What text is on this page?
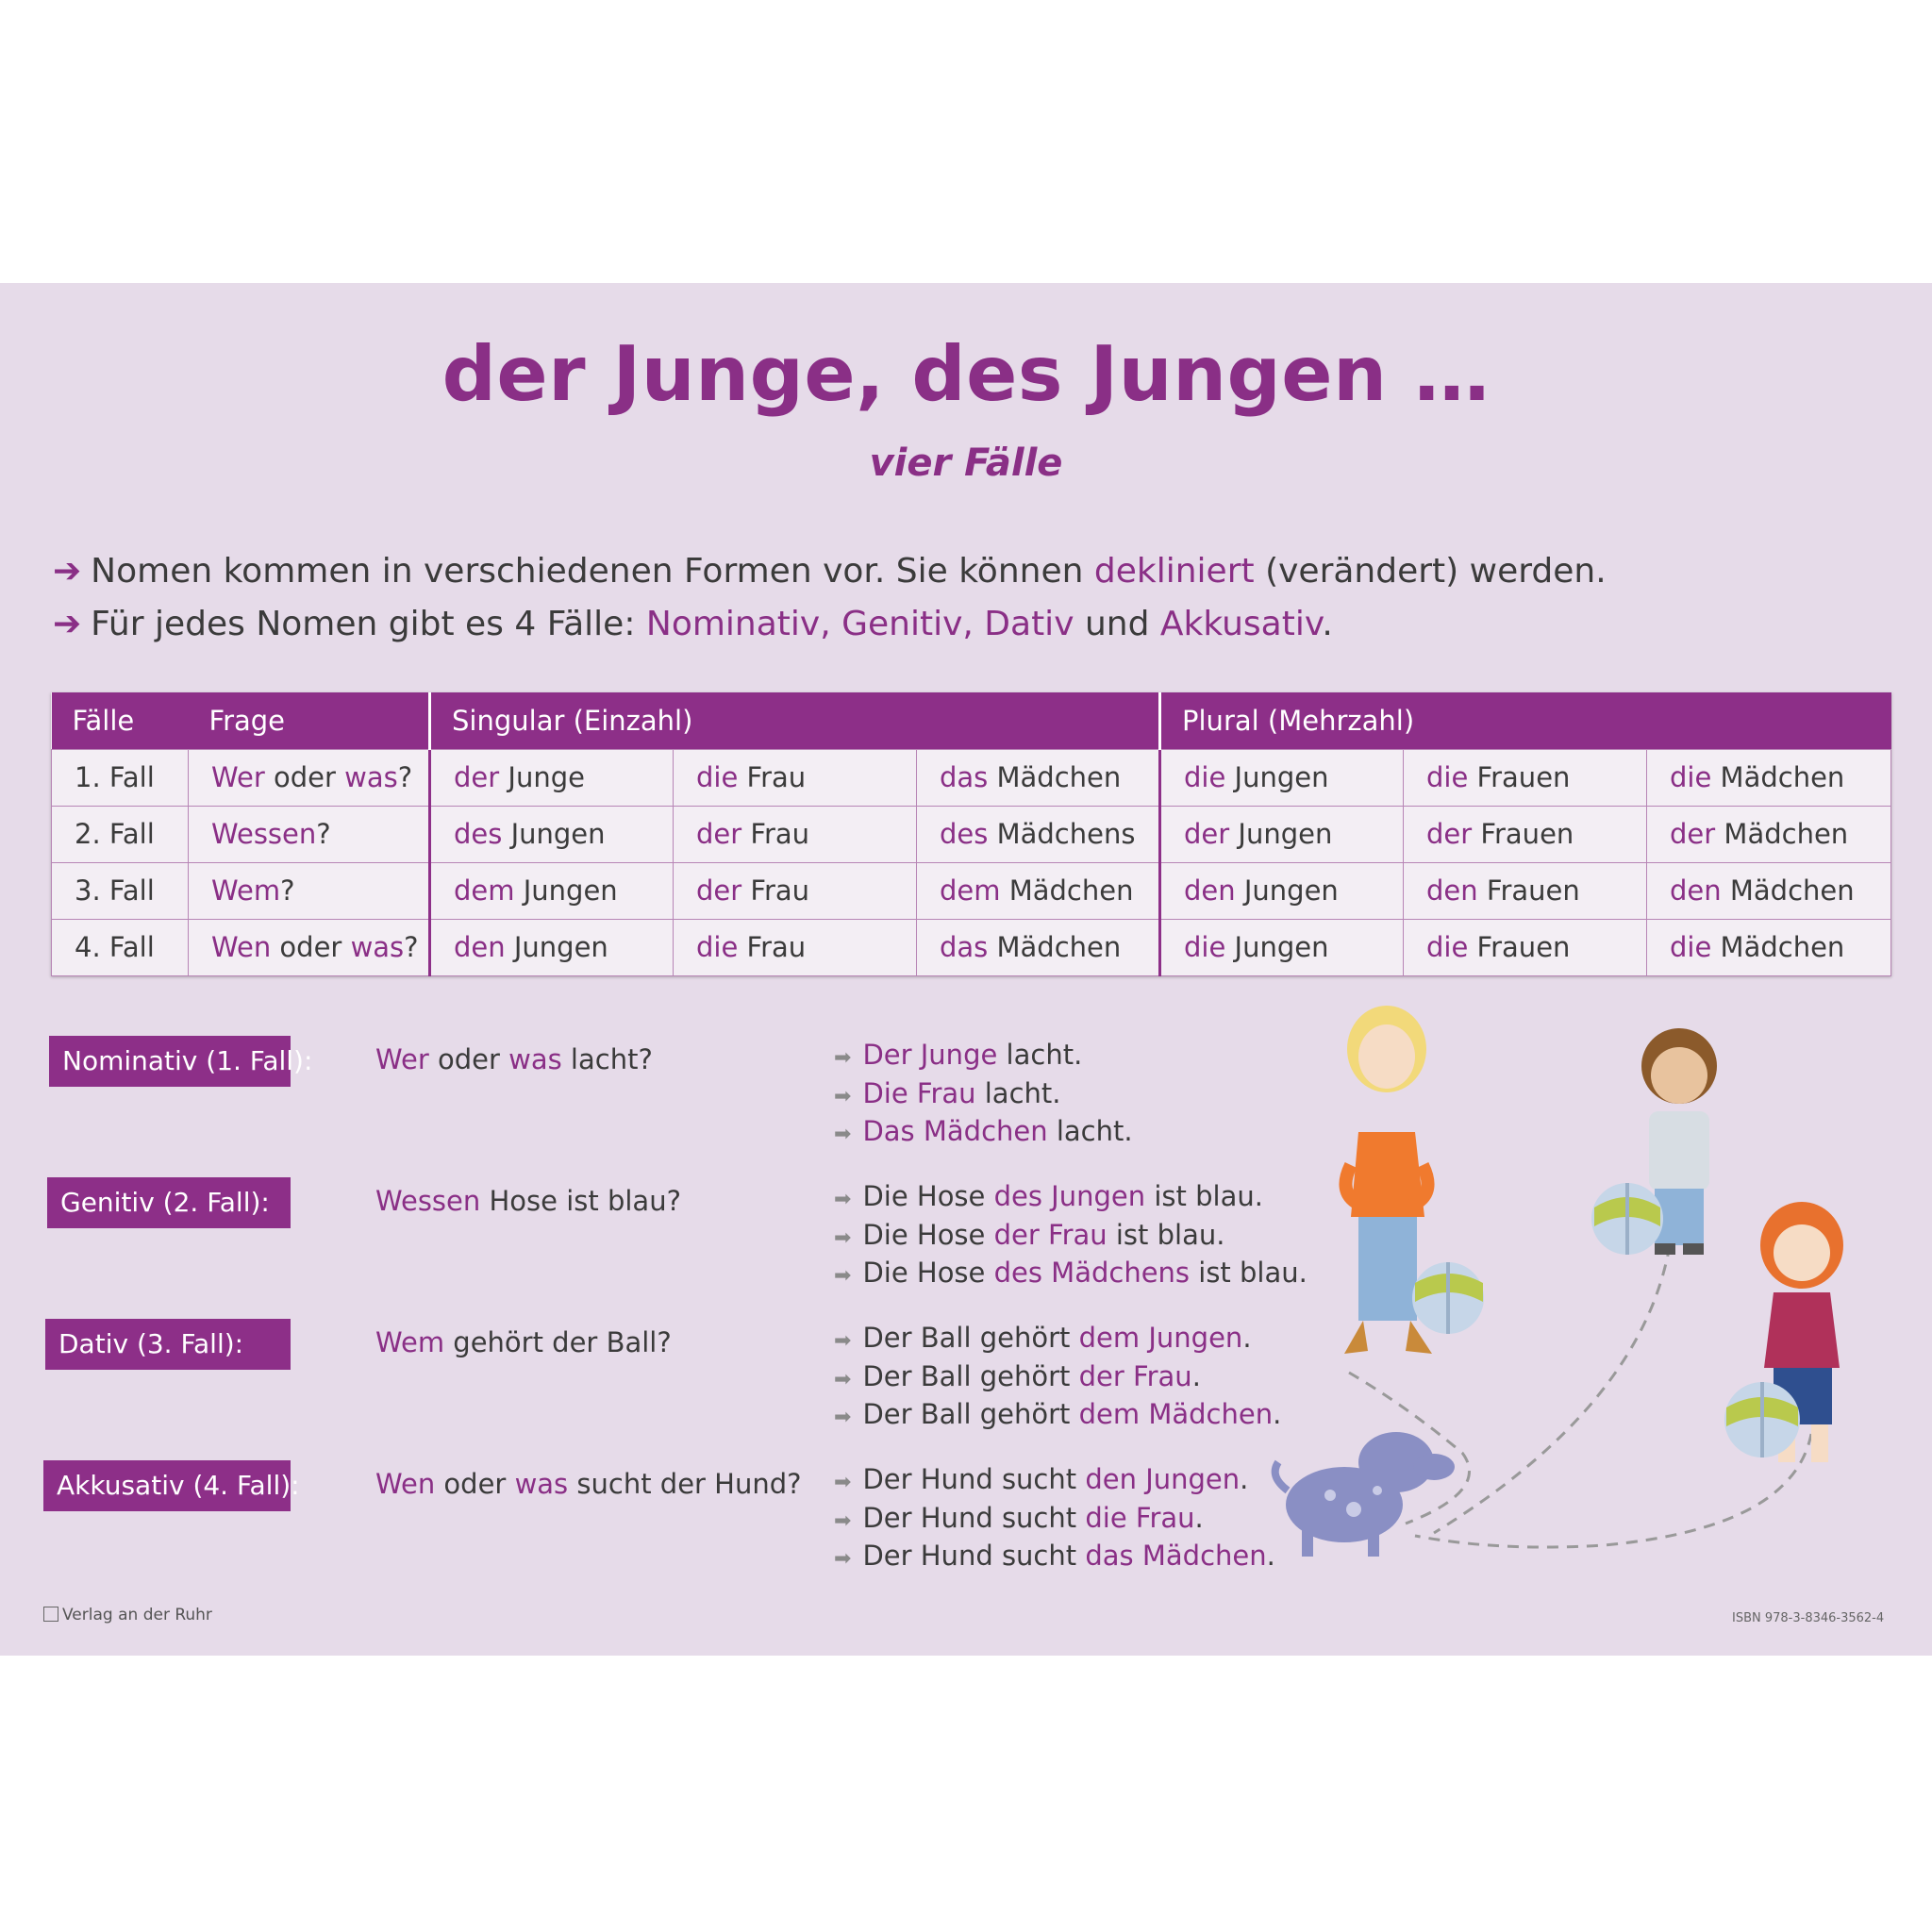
der Junge, des Jungen …
vier Fälle
➔ Nomen kommen in verschiedenen Formen vor. Sie können dekliniert (verändert) werden.
➔ Für jedes Nomen gibt es 4 Fälle: Nominativ, Genitiv, Dativ und Akkusativ.
Fälle	Frage	Singular (Einzahl)			Plural (Mehrzahl)		
1. Fall	Wer oder was?	der Junge	die Frau	das Mädchen	die Jungen	die Frauen	die Mädchen
2. Fall	Wessen?	des Jungen	der Frau	des Mädchens	der Jungen	der Frauen	der Mädchen
3. Fall	Wem?	dem Jungen	der Frau	dem Mädchen	den Jungen	den Frauen	den Mädchen
4. Fall	Wen oder was?	den Jungen	die Frau	das Mädchen	die Jungen	die Frauen	die Mädchen
Nominativ (1. Fall): Wer oder was lacht?	➡ Der Junge lacht.
➡ Die Frau lacht.
➡ Das Mädchen lacht.
Genitiv (2. Fall):	Wessen Hose ist blau?	➡ Die Hose des Jungen ist blau.
➡ Die Hose der Frau ist blau.
➡ Die Hose des Mädchens ist blau.
Dativ (3. Fall):	Wem gehört der Ball?	➡ Der Ball gehört dem Jungen.
➡ Der Ball gehört der Frau.
➡ Der Ball gehört dem Mädchen.
Akkusativ (4. Fall):	Wen oder was sucht der Hund? ➡ Der Hund sucht den Jungen.
➡ Der Hund sucht die Frau.
➡ Der Hund sucht das Mädchen.
Verlag an der Ruhr	ISBN 978-3-8346-3562-4
